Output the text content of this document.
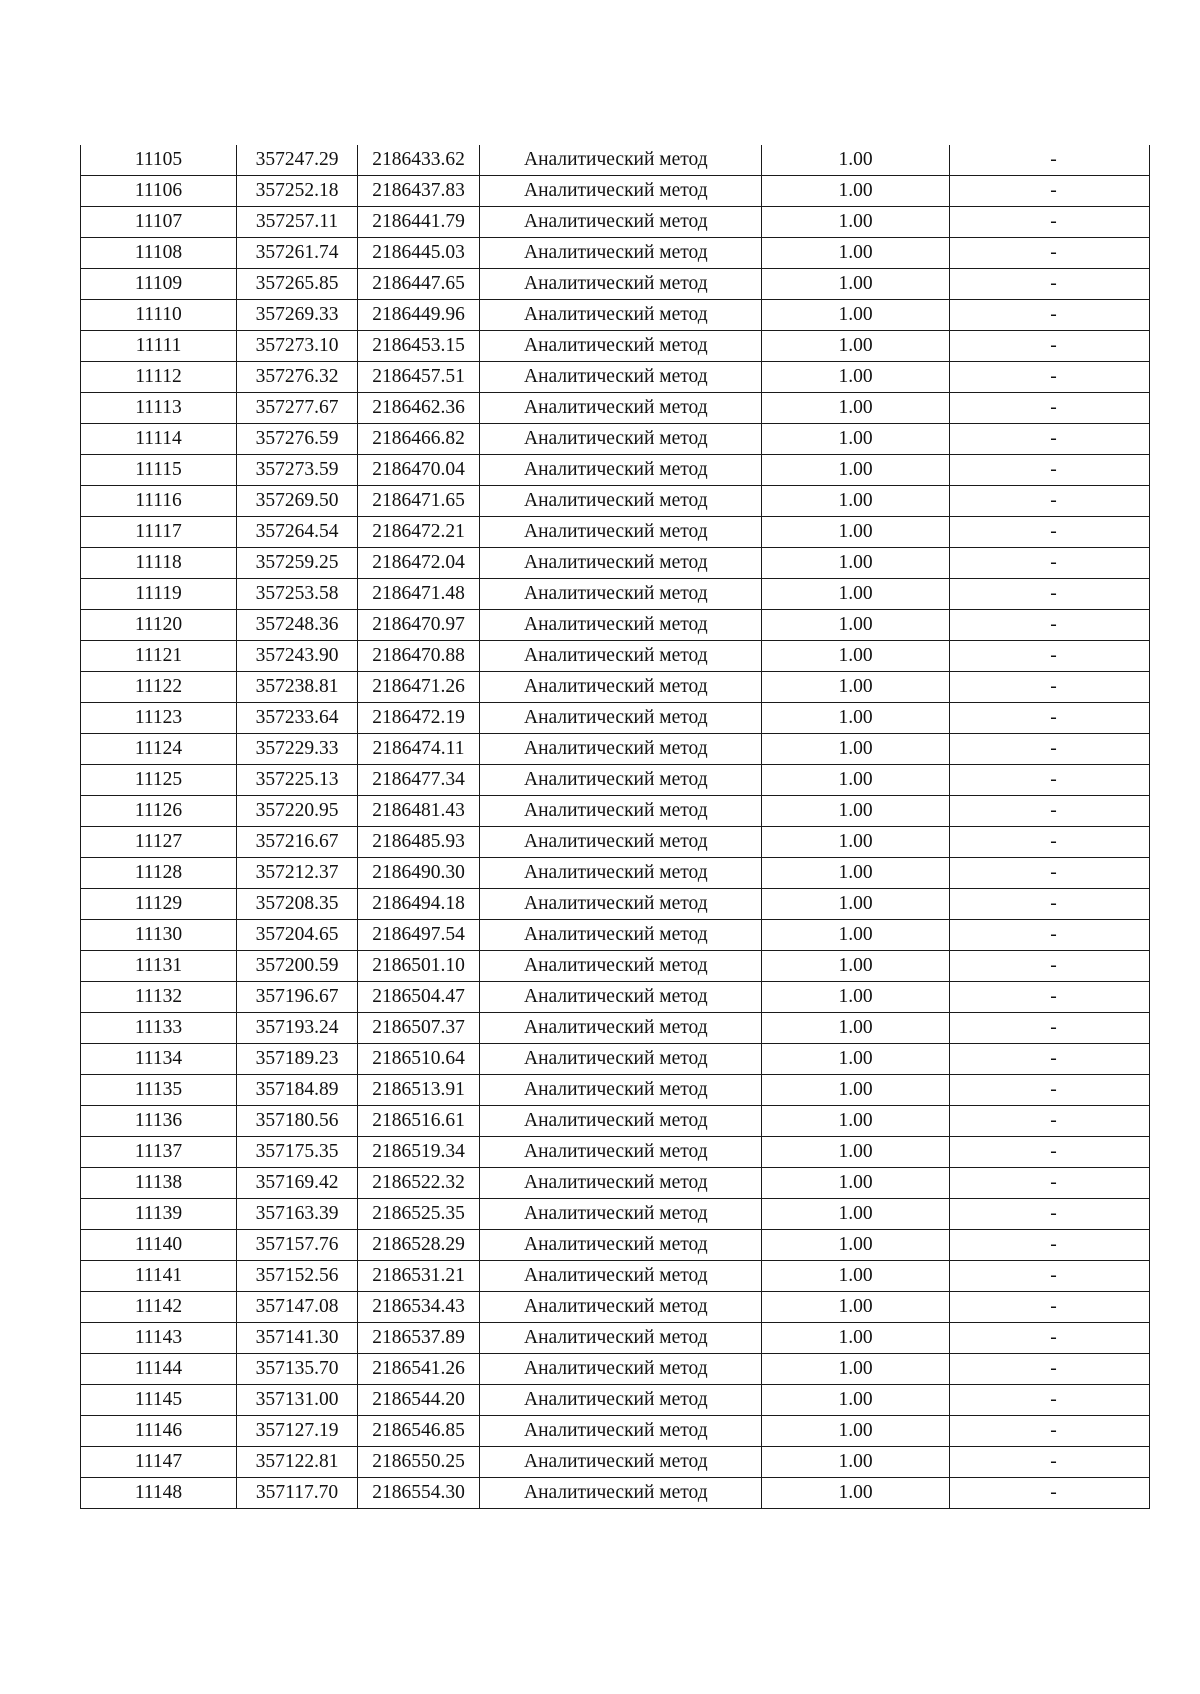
11105	357247.29	2186433.62	Аналитический метод	1.00	-
11106	357252.18	2186437.83	Аналитический метод	1.00	-
11107	357257.11	2186441.79	Аналитический метод	1.00	-
11108	357261.74	2186445.03	Аналитический метод	1.00	-
11109	357265.85	2186447.65	Аналитический метод	1.00	-
11110	357269.33	2186449.96	Аналитический метод	1.00	-
11111	357273.10	2186453.15	Аналитический метод	1.00	-
11112	357276.32	2186457.51	Аналитический метод	1.00	-
11113	357277.67	2186462.36	Аналитический метод	1.00	-
11114	357276.59	2186466.82	Аналитический метод	1.00	-
11115	357273.59	2186470.04	Аналитический метод	1.00	-
11116	357269.50	2186471.65	Аналитический метод	1.00	-
11117	357264.54	2186472.21	Аналитический метод	1.00	-
11118	357259.25	2186472.04	Аналитический метод	1.00	-
11119	357253.58	2186471.48	Аналитический метод	1.00	-
11120	357248.36	2186470.97	Аналитический метод	1.00	-
11121	357243.90	2186470.88	Аналитический метод	1.00	-
11122	357238.81	2186471.26	Аналитический метод	1.00	-
11123	357233.64	2186472.19	Аналитический метод	1.00	-
11124	357229.33	2186474.11	Аналитический метод	1.00	-
11125	357225.13	2186477.34	Аналитический метод	1.00	-
11126	357220.95	2186481.43	Аналитический метод	1.00	-
11127	357216.67	2186485.93	Аналитический метод	1.00	-
11128	357212.37	2186490.30	Аналитический метод	1.00	-
11129	357208.35	2186494.18	Аналитический метод	1.00	-
11130	357204.65	2186497.54	Аналитический метод	1.00	-
11131	357200.59	2186501.10	Аналитический метод	1.00	-
11132	357196.67	2186504.47	Аналитический метод	1.00	-
11133	357193.24	2186507.37	Аналитический метод	1.00	-
11134	357189.23	2186510.64	Аналитический метод	1.00	-
11135	357184.89	2186513.91	Аналитический метод	1.00	-
11136	357180.56	2186516.61	Аналитический метод	1.00	-
11137	357175.35	2186519.34	Аналитический метод	1.00	-
11138	357169.42	2186522.32	Аналитический метод	1.00	-
11139	357163.39	2186525.35	Аналитический метод	1.00	-
11140	357157.76	2186528.29	Аналитический метод	1.00	-
11141	357152.56	2186531.21	Аналитический метод	1.00	-
11142	357147.08	2186534.43	Аналитический метод	1.00	-
11143	357141.30	2186537.89	Аналитический метод	1.00	-
11144	357135.70	2186541.26	Аналитический метод	1.00	-
11145	357131.00	2186544.20	Аналитический метод	1.00	-
11146	357127.19	2186546.85	Аналитический метод	1.00	-
11147	357122.81	2186550.25	Аналитический метод	1.00	-
11148	357117.70	2186554.30	Аналитический метод	1.00	-
